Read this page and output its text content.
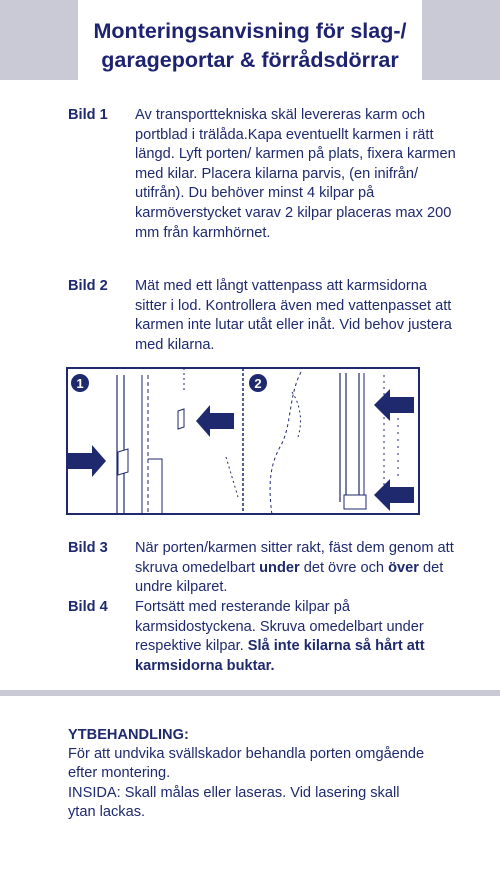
Monteringsanvisning för slag-/
garageportar & förrådsdörrar
Bild 1 Av transporttekniska skäl levereras karm och portblad i trälåda.Kapa eventuellt karmen i rätt längd. Lyft porten/ karmen på plats, fixera karmen med kilar. Placera kilarna parvis, (en inifrån/ utifrån). Du behöver minst 4 kilpar på karmöverstycket varav 2 kilpar placeras max 200 mm från karmhörnet.
Bild 2 Mät med ett långt vattenpass att karmsidorna sitter i lod. Kontrollera även med vattenpasset att karmen inte lutar utåt eller inåt. Vid behov justera med kilarna.
1	2
Bild 3 När porten/karmen sitter rakt, fäst dem genom att skruva omedelbart under det övre och över det undre kilparet.
Bild 4 Fortsätt med resterande kilpar på karmsidostyckena. Skruva omedelbart under respektive kilpar. Slå inte kilarna så hårt att karmsidorna buktar.
YTBEHANDLING:
För att undvika svällskador behandla porten omgående efter montering.
INSIDA: Skall målas eller laseras. Vid lasering skall ytan lackas.
